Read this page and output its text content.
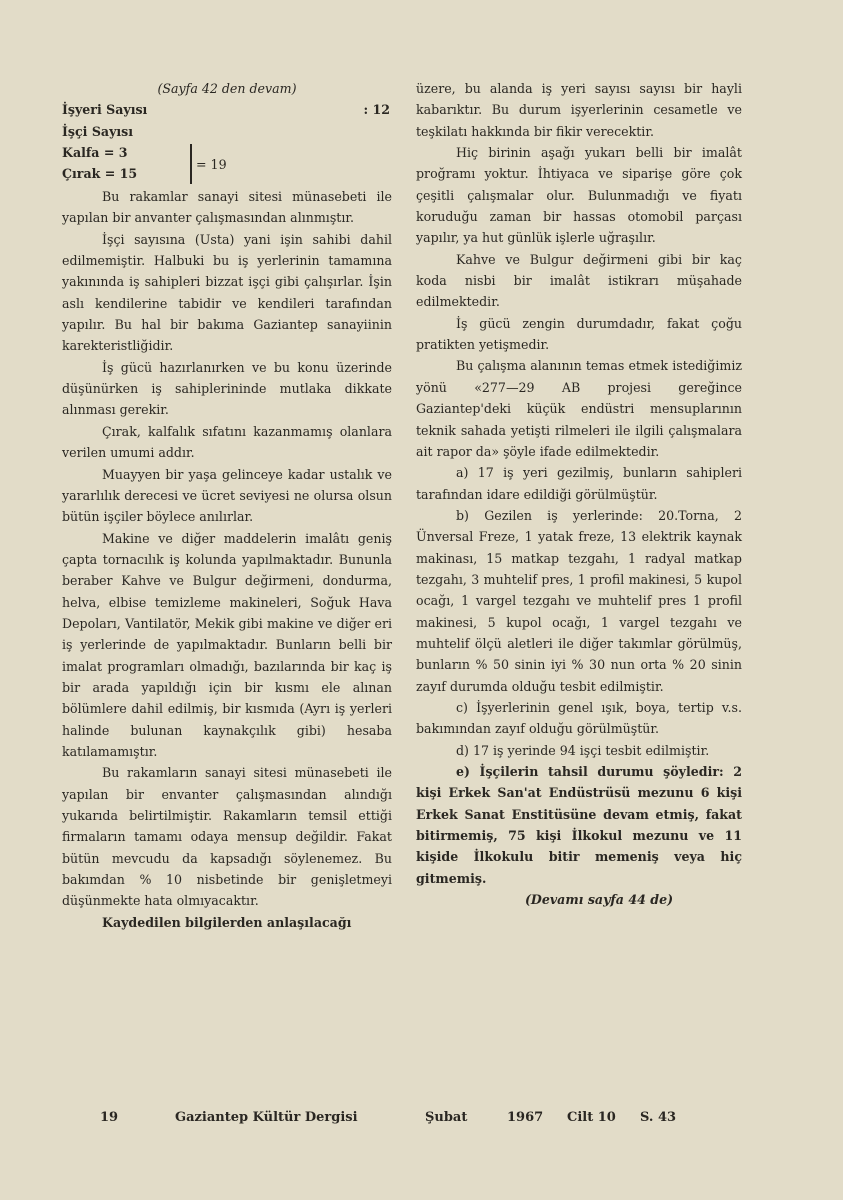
(Sayfa 42 den devam)

İşyeri Sayısı	: 12
İşçi Sayısı
Kalfa = 3
Çırak = 15
= 19

Bu rakamlar sanayi sitesi münasebeti ile yapılan bir anvanter çalışmasından alınmıştır.

İşçi sayısına (Usta) yani işin sahibi dahil edilmemiştir. Halbuki bu iş yerlerinin tamamına yakınında iş sahipleri bizzat işçi gibi çalışırlar. İşin aslı kendilerine tabidir ve kendileri tarafından yapılır. Bu hal bir bakıma Gaziantep sanayiinin karekteristliğidir.

İş gücü hazırlanırken ve bu konu üzerinde düşünürken iş sahiplerininde mutlaka dikkate alınması gerekir.

Çırak, kalfalık sıfatını kazanmamış olanlara verilen umumi addır.

Muayyen bir yaşa gelinceye kadar ustalık ve yararlılık derecesi ve ücret seviyesi ne olursa olsun bütün işçiler böylece anılırlar.

Makine ve diğer maddelerin imalâtı geniş çapta tornacılık iş kolunda yapılmaktadır. Bununla beraber Kahve ve Bulgur değirmeni, dondurma, helva, elbise temizleme makineleri, Soğuk Hava Depoları, Vantilatör, Mekik gibi makine ve diğer eri iş yerlerinde de yapılmaktadır. Bunların belli bir imalat programları olmadığı, bazılarında bir kaç iş bir arada yapıldığı için bir kısmı ele alınan bölümlere dahil edilmiş, bir kısmıda (Ayrı iş yerleri halinde bulunan kaynakçılık gibi) hesaba katılamamıştır.

Bu rakamların sanayi sitesi münasebeti ile yapılan bir envanter çalışmasından alındığı yukarıda belirtilmiştir. Rakamların temsil ettiği firmaların tamamı odaya mensup değildir. Fakat bütün mevcudu da kapsadığı söylenemez. Bu bakımdan % 10 nisbetinde bir genişletmeyi düşünmekte hata olmıyacaktır.

Kaydedilen bilgilerden anlaşılacağı

üzere, bu alanda iş yeri sayısı sayısı bir hayli kabarıktır. Bu durum işyerlerinin cesametle ve teşkilatı hakkında bir fikir verecektir.

Hiç birinin aşağı yukarı belli bir imalât proğramı yoktur. İhtiyaca ve siparişe göre çok çeşitli çalışmalar olur. Bulunmadığı ve fiyatı koruduğu zaman bir hassas otomobil parçası yapılır, ya hut günlük işlerle uğraşılır.

Kahve ve Bulgur değirmeni gibi bir kaç koda nisbi bir imalât istikrarı müşahade edilmektedir.

İş gücü zengin durumdadır, fakat çoğu pratikten yetişmedir.

Bu çalışma alanının temas etmek istediğimiz yönü «277—29 AB projesi gereğince Gaziantep'deki küçük endüstri mensuplarının teknik sahada yetişti rilmeleri ile ilgili çalışmalara ait rapor da» şöyle ifade edilmektedir.

a) 17 iş yeri gezilmiş, bunların sahipleri tarafından idare edildiği görülmüştür.

b) Gezilen iş yerlerinde: 20.Torna, 2 Ünversal Freze, 1 yatak freze, 13 elektrik kaynak makinası, 15 matkap tezgahı, 1 radyal matkap tezgahı, 3 muhtelif pres, 1 profil makinesi, 5 kupol ocağı, 1 vargel tezgahı ve muhtelif pres 1 profil makinesi, 5 kupol ocağı, 1 vargel tezgahı ve muhtelif ölçü aletleri ile diğer takımlar görülmüş, bunların % 50 sinin iyi % 30 nun orta % 20 sinin zayıf durumda olduğu tesbit edilmiştir.

c) İşyerlerinin genel ışık, boya, tertip v.s. bakımından zayıf olduğu görülmüştür.

d) 17 iş yerinde 94 işçi tesbit edilmiştir.

e) İşçilerin tahsil durumu şöyledir: 2 kişi Erkek San'at Endüstrüsü mezunu 6 kişi Erkek Sanat Enstitüsüne devam etmiş, fakat bitirmemiş, 75 kişi İlkokul mezunu ve 11 kişide İlkokulu bitir memeniş veya hiç gitmemiş.

(Devamı sayfa 44 de)

19	Gaziantep Kültür Dergisi	Şubat	1967 Cilt 10 S. 43
